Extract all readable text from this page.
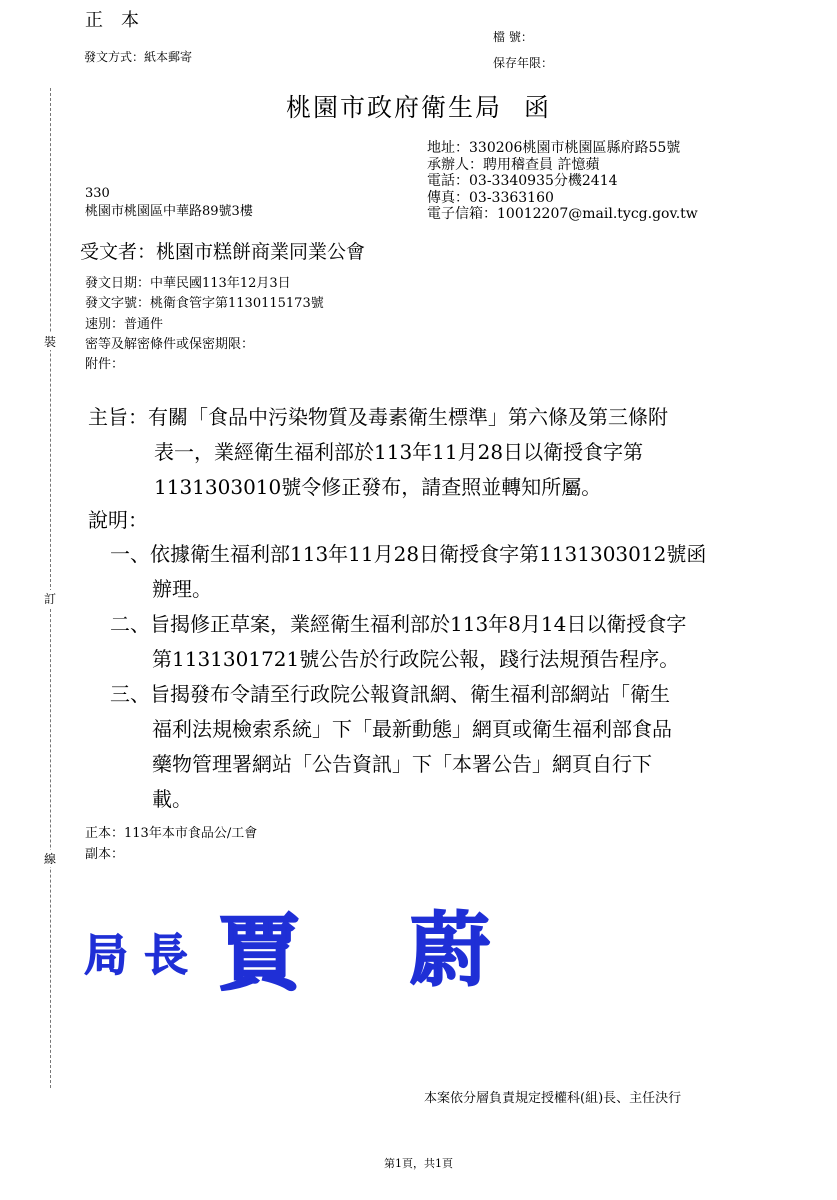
正本
檔 號：
保存年限：
發文方式：紙本郵寄
裝
訂
線
桃園市政府衛生局 函
地址：330206桃園市桃園區縣府路55號
承辦人：聘用稽查員 許憶蘋
電話：03-3340935分機2414
傳真：03-3363160
電子信箱：10012207@mail.tycg.gov.tw
330
桃園市桃園區中華路89號3樓
受文者：桃園市糕餅商業同業公會
發文日期：中華民國113年12月3日
發文字號：桃衛食管字第1130115173號
速別：普通件
密等及解密條件或保密期限：
附件：
主旨：有關「食品中污染物質及毒素衛生標準」第六條及第三條附
表一，業經衛生福利部於113年11月28日以衛授食字第
1131303010號令修正發布，請查照並轉知所屬。
說明：
一、依據衛生福利部113年11月28日衛授食字第1131303012號函
辦理。
二、旨揭修正草案，業經衛生福利部於113年8月14日以衛授食字
第1131301721號公告於行政院公報，踐行法規預告程序。
三、旨揭發布令請至行政院公報資訊網、衛生福利部網站「衛生
福利法規檢索系統」下「最新動態」網頁或衛生福利部食品
藥物管理署網站「公告資訊」下「本署公告」網頁自行下
載。
正本：113年本市食品公/工會
副本：
局 長 賈 蔚
本案依分層負責規定授權科(組)長、主任決行
第1頁，共1頁
